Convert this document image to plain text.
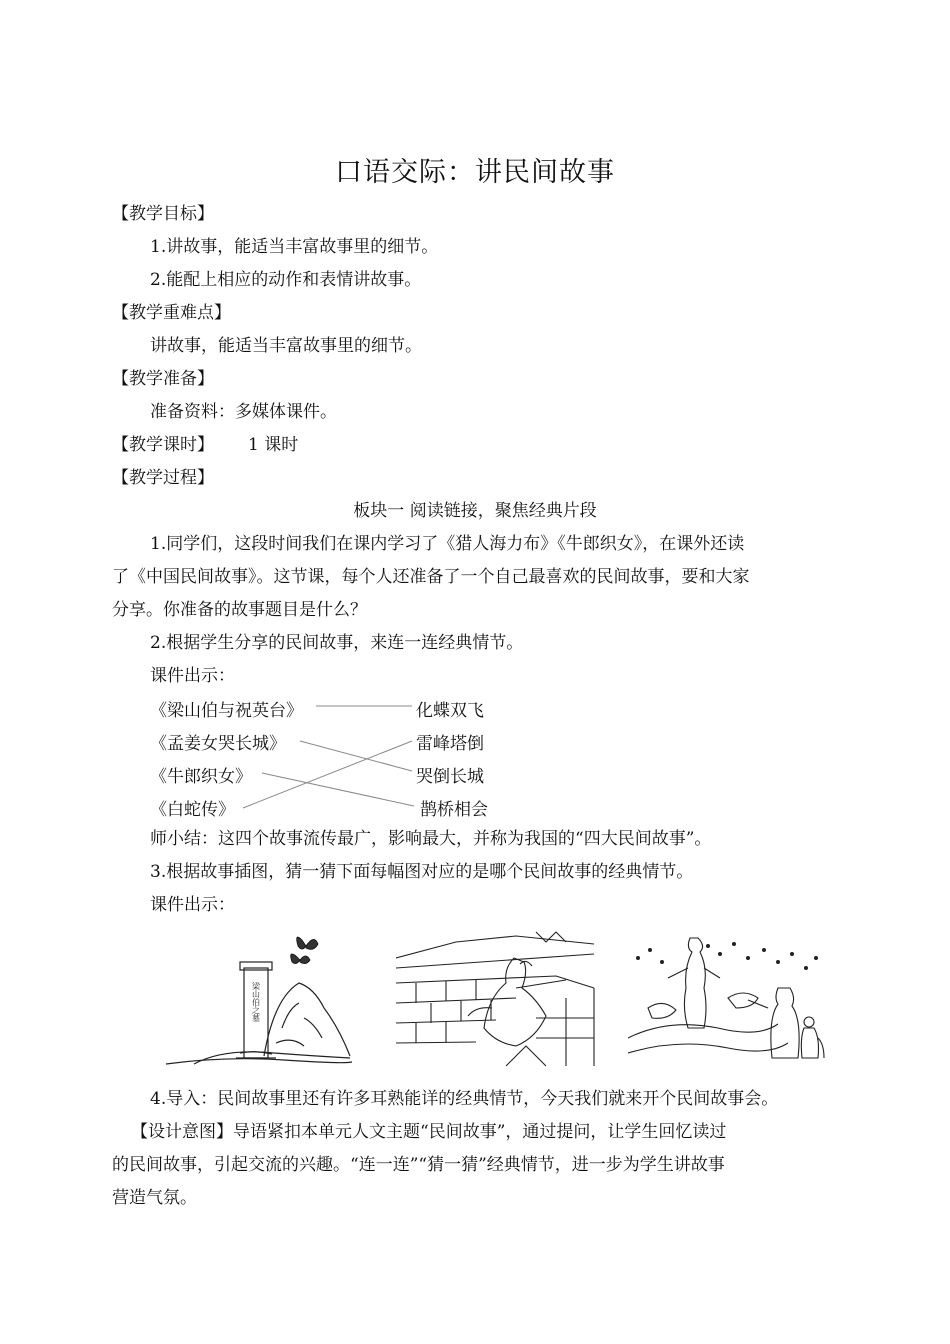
口语交际：讲民间故事
【教学目标】
1.讲故事，能适当丰富故事里的细节。
2.能配上相应的动作和表情讲故事。
【教学重难点】
讲故事，能适当丰富故事里的细节。
【教学准备】
准备资料：多媒体课件。
【教学课时】 1 课时
【教学过程】
板块一 阅读链接，聚焦经典片段
1.同学们，这段时间我们在课内学习了《猎人海力布》《牛郎织女》，在课外还读
了《中国民间故事》。这节课，每个人还准备了一个自己最喜欢的民间故事，要和大家
分享。你准备的故事题目是什么？
2.根据学生分享的民间故事，来连一连经典情节。
课件出示：
《梁山伯与祝英台》
《孟姜女哭长城》
《牛郎织女》
《白蛇传》
化蝶双飞
雷峰塔倒
哭倒长城
鹊桥相会
师小结：这四个故事流传最广，影响最大，并称为我国的“四大民间故事”。
3.根据故事插图，猜一猜下面每幅图对应的是哪个民间故事的经典情节。
课件出示：
梁山伯之墓
4.导入：民间故事里还有许多耳熟能详的经典情节，今天我们就来开个民间故事会。
【设计意图】导语紧扣本单元人文主题“民间故事”，通过提问，让学生回忆读过
的民间故事，引起交流的兴趣。“连一连”“猜一猜”经典情节，进一步为学生讲故事
营造气氛。
